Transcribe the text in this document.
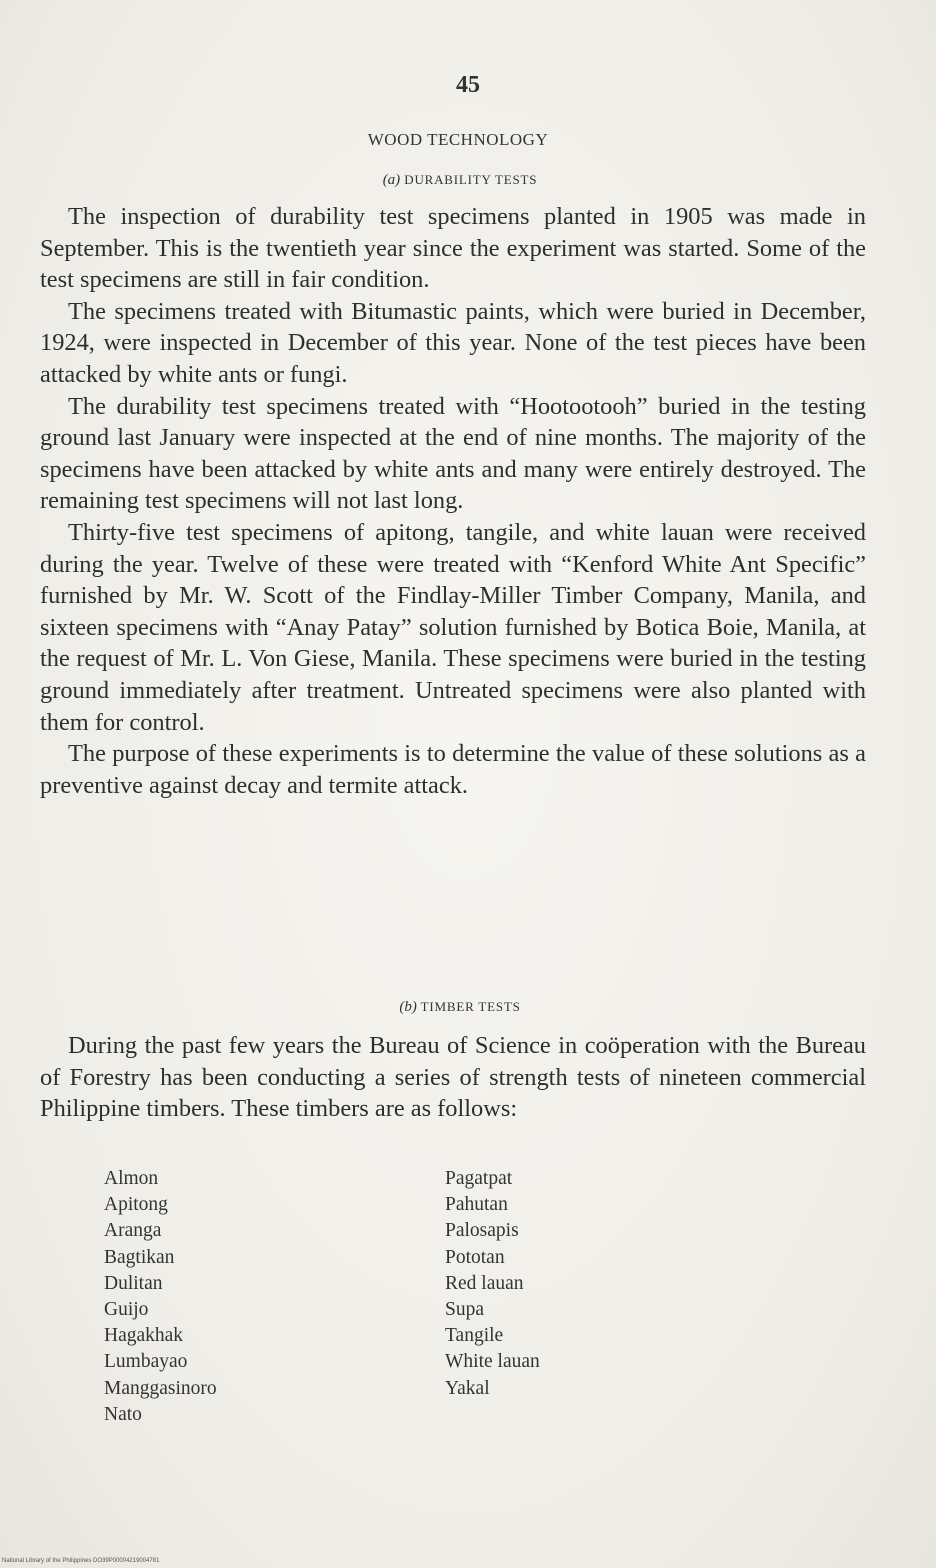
45
WOOD TECHNOLOGY
(a) DURABILITY TESTS

The inspection of durability test specimens planted in 1905 was made in September. This is the twentieth year since the experiment was started. Some of the test specimens are still in fair condition.

The specimens treated with Bitumastic paints, which were buried in December, 1924, were inspected in December of this year. None of the test pieces have been attacked by white ants or fungi.

The durability test specimens treated with “Hootootooh” buried in the testing ground last January were inspected at the end of nine months. The majority of the specimens have been attacked by white ants and many were entirely destroyed. The remaining test specimens will not last long.

Thirty-five test specimens of apitong, tangile, and white lauan were received during the year. Twelve of these were treated with “Kenford White Ant Specific” furnished by Mr. W. Scott of the Findlay-Miller Timber Company, Manila, and sixteen specimens with “Anay Patay” solution furnished by Botica Boie, Manila, at the request of Mr. L. Von Giese, Manila. These specimens were buried in the testing ground immediately after treatment. Untreated specimens were also planted with them for control.

The purpose of these experiments is to determine the value of these solutions as a preventive against decay and termite attack.

(b) TIMBER TESTS

During the past few years the Bureau of Science in coöperation with the Bureau of Forestry has been conducting a series of strength tests of nineteen commercial Philippine timbers. These timbers are as follows:

Almon
Apitong
Aranga
Bagtikan
Dulitan
Guijo
Hagakhak
Lumbayao
Manggasinoro
Nato
Pagatpat
Pahutan
Palosapis
Pototan
Red lauan
Supa
Tangile
White lauan
Yakal
National Library of the Philippines DO39P00004219004781
